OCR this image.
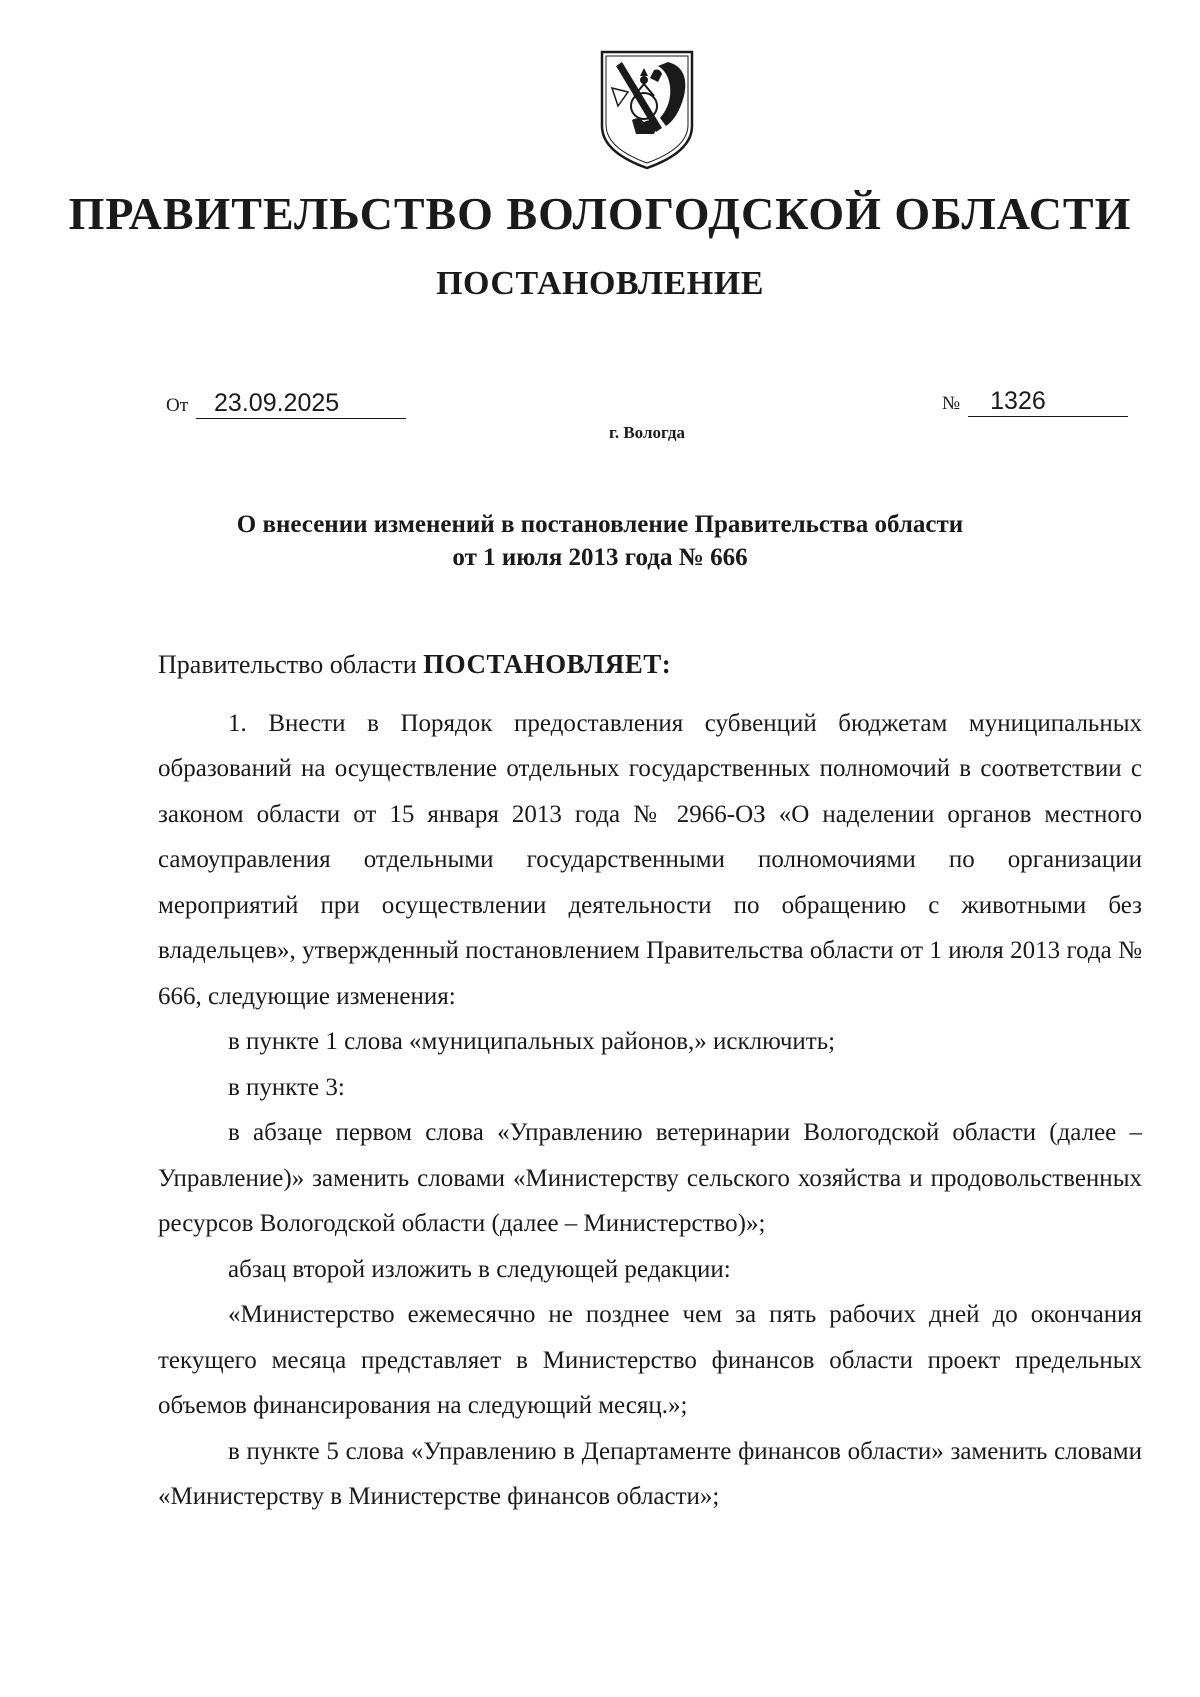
ПРАВИТЕЛЬСТВО ВОЛОГОДСКОЙ ОБЛАСТИ
ПОСТАНОВЛЕНИЕ
От 23.09.2025	№ 1326
г. Вологда
О внесении изменений в постановление Правительства области
от 1 июля 2013 года № 666

Правительство области ПОСТАНОВЛЯЕТ:

1. Внести в Порядок предоставления субвенций бюджетам муниципальных образований на осуществление отдельных государственных полномочий в соответствии с законом области от 15 января 2013 года № 2966-ОЗ «О наделении органов местного самоуправления отдельными государственными полномочиями по организации мероприятий при осуществлении деятельности по обращению с животными без владельцев», утвержденный постановлением Правительства области от 1 июля 2013 года № 666, следующие изменения:

в пункте 1 слова «муниципальных районов,» исключить;

в пункте 3:

в абзаце первом слова «Управлению ветеринарии Вологодской области (далее – Управление)» заменить словами «Министерству сельского хозяйства и продовольственных ресурсов Вологодской области (далее – Министерство)»;

абзац второй изложить в следующей редакции:

«Министерство ежемесячно не позднее чем за пять рабочих дней до окончания текущего месяца представляет в Министерство финансов области проект предельных объемов финансирования на следующий месяц.»;

в пункте 5 слова «Управлению в Департаменте финансов области» заменить словами «Министерству в Министерстве финансов области»;
